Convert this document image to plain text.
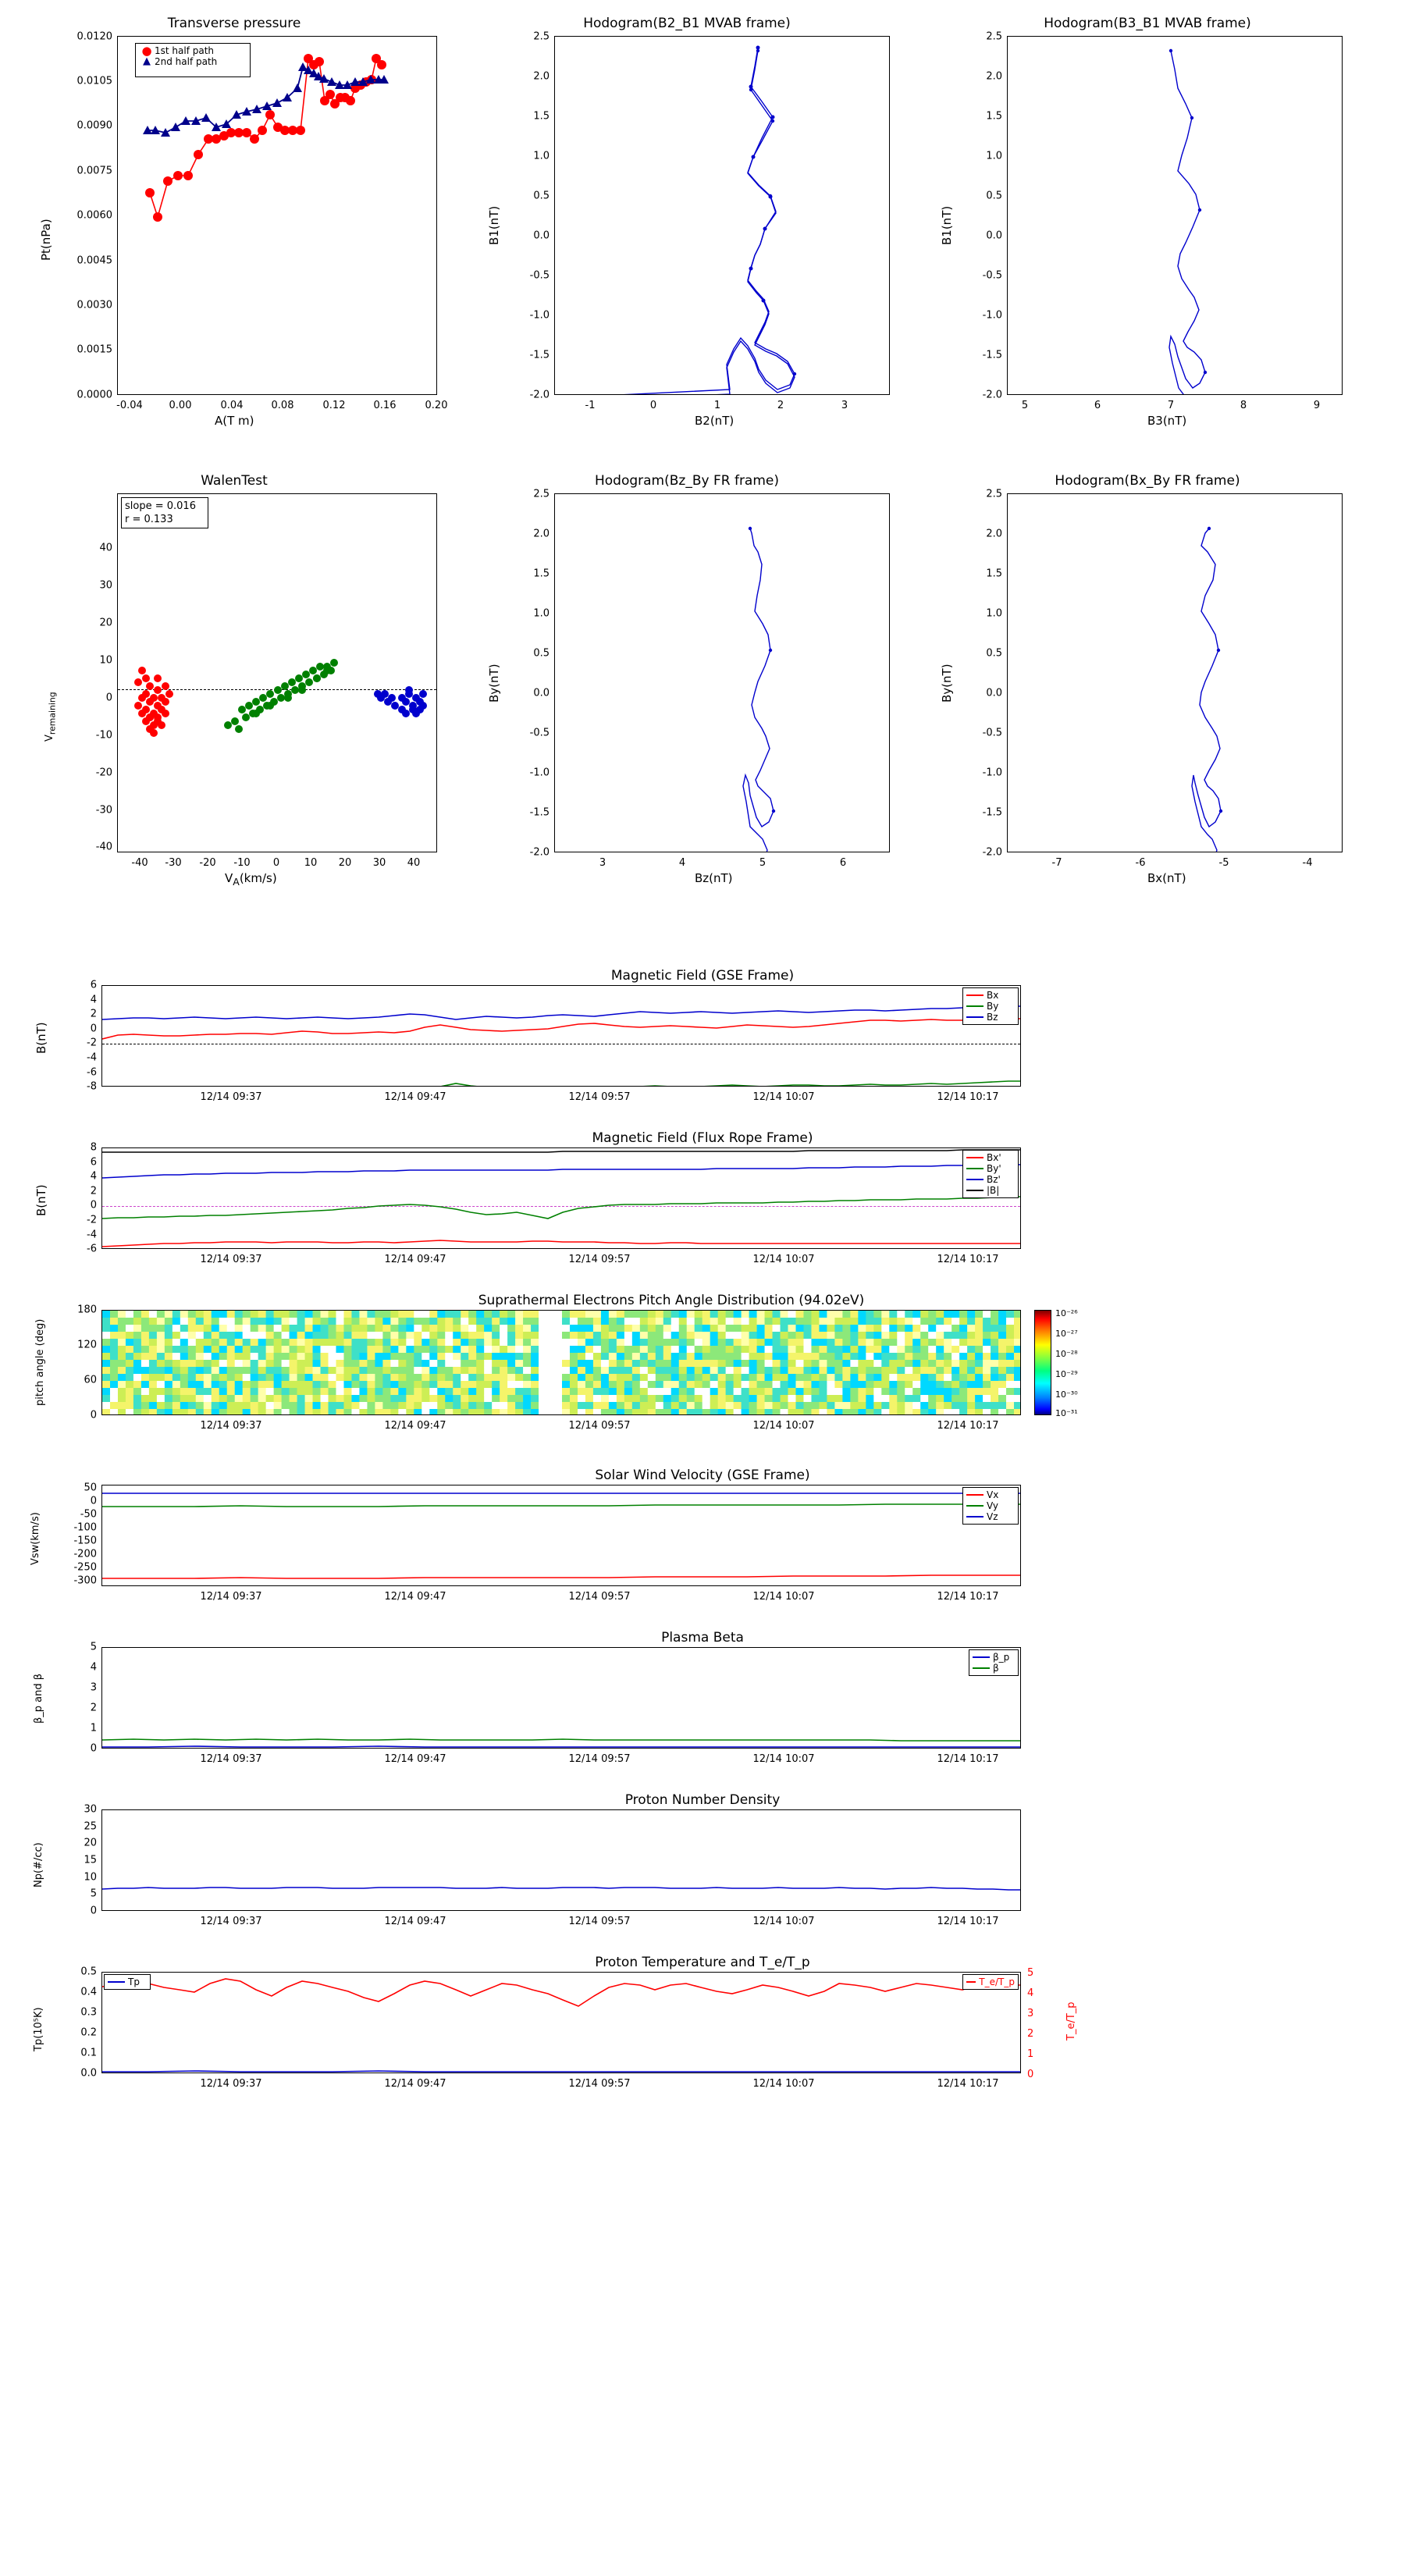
Transverse pressure
● 1st half path
▲ 2nd half path
0.0000
0.0015
0.0030
0.0045
0.0060
0.0075
0.0090
0.0105
0.0120
-0.04	0.00	0.04	0.08	0.12	0.16	0.20
A(T m)
Pt(nPa)
Hodogram(B2_B1 MVAB frame)
-2.0
-1.5
-1.0
-0.5
0.0
0.5
1.0
1.5
2.0
2.5
-1	0	1	2	3
B2(nT)
B1(nT)
Hodogram(B3_B1 MVAB frame)
-2.0
-1.5
-1.0
-0.5
0.0
0.5
1.0
1.5
2.0
2.5
5	6	7	8	9
B3(nT)
B1(nT)
WalenTest
slope = 0.016
r = 0.133
-40
-30
-20
-10
0
10
20
30
40
-40 -30 -20 -10 0 10 20 30 40
$V_A(km/s)$
$V_{remaining}$
Hodogram(Bz_By FR frame)
-2.0
-1.5
-1.0
-0.5
0.0
0.5
1.0
1.5
2.0
2.5
3	4	5	6
Bz(nT)
By(nT)
Hodogram(Bx_By FR frame)
-2.0
-1.5
-1.0
-0.5
0.0
0.5
1.0
1.5
2.0
2.5
-7	-6	-5	-4
Bx(nT)
By(nT)
Magnetic Field (GSE Frame)
Bx
By
Bz
-8
-6
-4
-2
0
2
4
6
12/14 09:37	12/14 09:47	12/14 09:57	12/14 10:07	12/14 10:17
B(nT)
Magnetic Field (Flux Rope Frame)
Bx'
By'
Bz'
|B|
-6
-4
-2
0
2
4
6
8
12/14 09:37	12/14 09:47	12/14 09:57	12/14 10:07	12/14 10:17
B(nT)
Suprathermal Electrons Pitch Angle Distribution (94.02eV)
10⁻²⁶
10⁻²⁷
10⁻²⁸
10⁻²⁹
10⁻³⁰
10⁻³¹
0
60
120
180
12/14 09:37	12/14 09:47	12/14 09:57	12/14 10:07	12/14 10:17
pitch angle (deg)
Solar Wind Velocity (GSE Frame)
Vx
Vy
Vz
-300
-250
-200
-150
-100
-50
0
50
12/14 09:37	12/14 09:47	12/14 09:57	12/14 10:07	12/14 10:17
Vsw(km/s)
Plasma Beta
β_p
β
0
1
2
3
4
5
12/14 09:37	12/14 09:47	12/14 09:57	12/14 10:07	12/14 10:17
β_p and β
Proton Number Density
0
5
10
15
20
25
30
12/14 09:37	12/14 09:47	12/14 09:57	12/14 10:07	12/14 10:17
Np(#/cc)
Proton Temperature and T_e/T_p
Tp	T_e/T_p
0.0
0.1
0.2
0.3
0.4
0.5
0
1
2
3
4
5
12/14 09:37	12/14 09:47	12/14 09:57	12/14 10:07	12/14 10:17
Tp(10⁵K)	T_e/T_p
